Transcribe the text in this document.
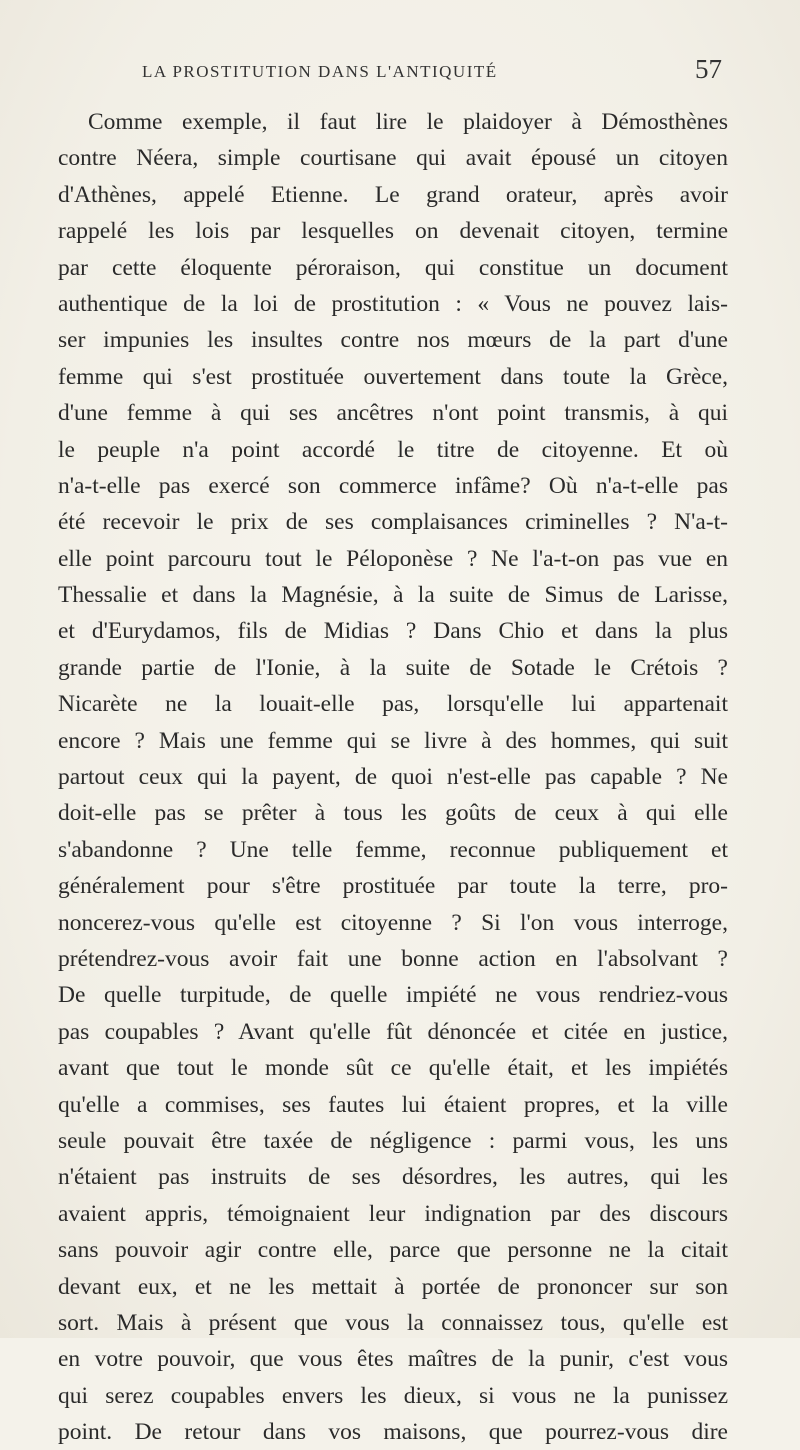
LA PROSTITUTION DANS L'ANTIQUITÉ	57
Comme exemple, il faut lire le plaidoyer à Démosthènes
contre Néera, simple courtisane qui avait épousé un citoyen
d'Athènes, appelé Etienne. Le grand orateur, après avoir
rappelé les lois par lesquelles on devenait citoyen, termine
par cette éloquente péroraison, qui constitue un document
authentique de la loi de prostitution : « Vous ne pouvez lais-
ser impunies les insultes contre nos mœurs de la part d'une
femme qui s'est prostituée ouvertement dans toute la Grèce,
d'une femme à qui ses ancêtres n'ont point transmis, à qui
le peuple n'a point accordé le titre de citoyenne. Et où
n'a-t-elle pas exercé son commerce infâme? Où n'a-t-elle pas
été recevoir le prix de ses complaisances criminelles ? N'a-t-
elle point parcouru tout le Péloponèse ? Ne l'a-t-on pas vue en
Thessalie et dans la Magnésie, à la suite de Simus de Larisse,
et d'Eurydamos, fils de Midias ? Dans Chio et dans la plus
grande partie de l'Ionie, à la suite de Sotade le Crétois ?
Nicarète ne la louait-elle pas, lorsqu'elle lui appartenait
encore ? Mais une femme qui se livre à des hommes, qui suit
partout ceux qui la payent, de quoi n'est-elle pas capable ? Ne
doit-elle pas se prêter à tous les goûts de ceux à qui elle
s'abandonne ? Une telle femme, reconnue publiquement et
généralement pour s'être prostituée par toute la terre, pro-
noncerez-vous qu'elle est citoyenne ? Si l'on vous interroge,
prétendrez-vous avoir fait une bonne action en l'absolvant ?
De quelle turpitude, de quelle impiété ne vous rendriez-vous
pas coupables ? Avant qu'elle fût dénoncée et citée en justice,
avant que tout le monde sût ce qu'elle était, et les impiétés
qu'elle a commises, ses fautes lui étaient propres, et la ville
seule pouvait être taxée de négligence : parmi vous, les uns
n'étaient pas instruits de ses désordres, les autres, qui les
avaient appris, témoignaient leur indignation par des discours
sans pouvoir agir contre elle, parce que personne ne la citait
devant eux, et ne les mettait à portée de prononcer sur son
sort. Mais à présent que vous la connaissez tous, qu'elle est
en votre pouvoir, que vous êtes maîtres de la punir, c'est vous
qui serez coupables envers les dieux, si vous ne la punissez
point. De retour dans vos maisons, que pourrez-vous dire
